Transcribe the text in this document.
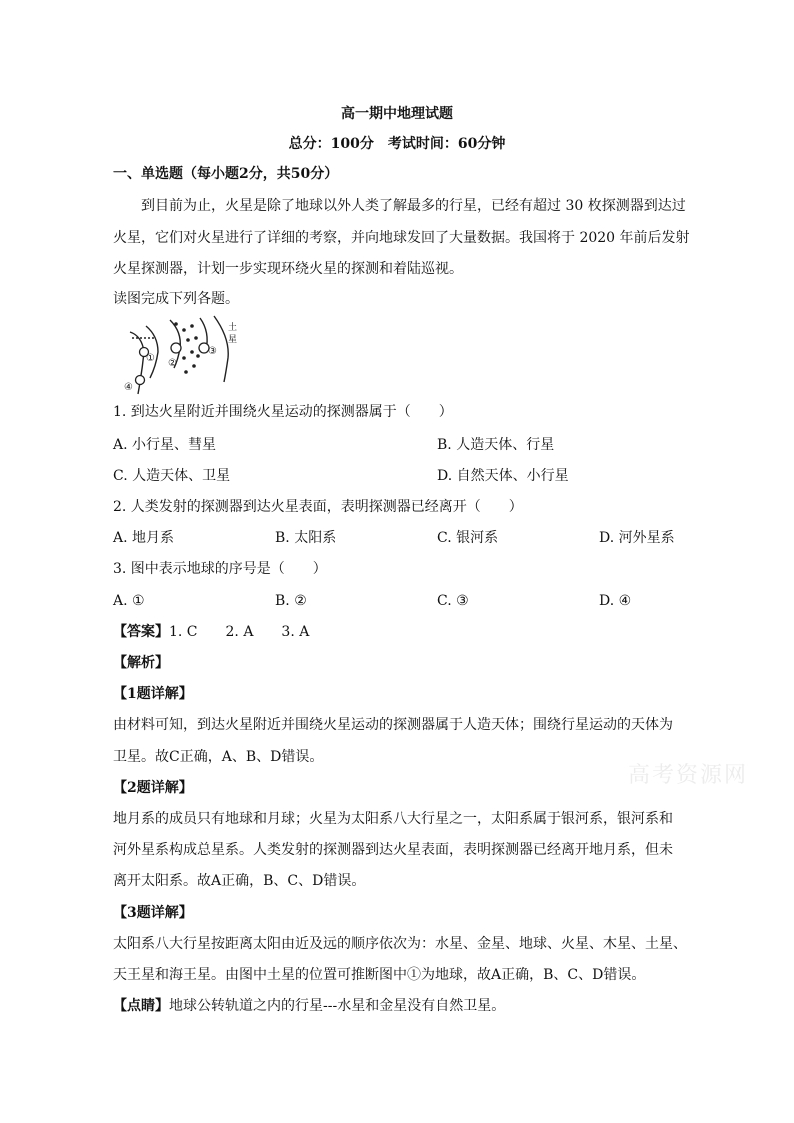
高一期中地理试题
总分：100分　考试时间：60分钟
一、单选题（每小题2分，共50分）
到目前为止，火星是除了地球以外人类了解最多的行星，已经有超过 30 枚探测器到达过
火星，它们对火星进行了详细的考察，并向地球发回了大量数据。我国将于 2020 年前后发射
火星探测器，计划一步实现环绕火星的探测和着陆巡视。
读图完成下列各题。
① ②
③
④
土
星
1. 到达火星附近并围绕火星运动的探测器属于（　　）
A. 小行星、彗星	B. 人造天体、行星
C. 人造天体、卫星	D. 自然天体、小行星
2. 人类发射的探测器到达火星表面，表明探测器已经离开（　　）
A. 地月系	B. 太阳系	C. 银河系	D. 河外星系
3. 图中表示地球的序号是（　　）
A. ①	B. ②	C. ③	D. ④
【答案】1. C　　2. A　　3. A
【解析】
【1题详解】
由材料可知，到达火星附近并围绕火星运动的探测器属于人造天体；围绕行星运动的天体为
卫星。故C正确，A、B、D错误。
高考资源网
【2题详解】
地月系的成员只有地球和月球；火星为太阳系八大行星之一，太阳系属于银河系，银河系和
河外星系构成总星系。人类发射的探测器到达火星表面，表明探测器已经离开地月系，但未
离开太阳系。故A正确，B、C、D错误。
【3题详解】
太阳系八大行星按距离太阳由近及远的顺序依次为：水星、金星、地球、火星、木星、土星、
天王星和海王星。由图中土星的位置可推断图中①为地球，故A正确，B、C、D错误。
【点睛】地球公转轨道之内的行星---水星和金星没有自然卫星。
